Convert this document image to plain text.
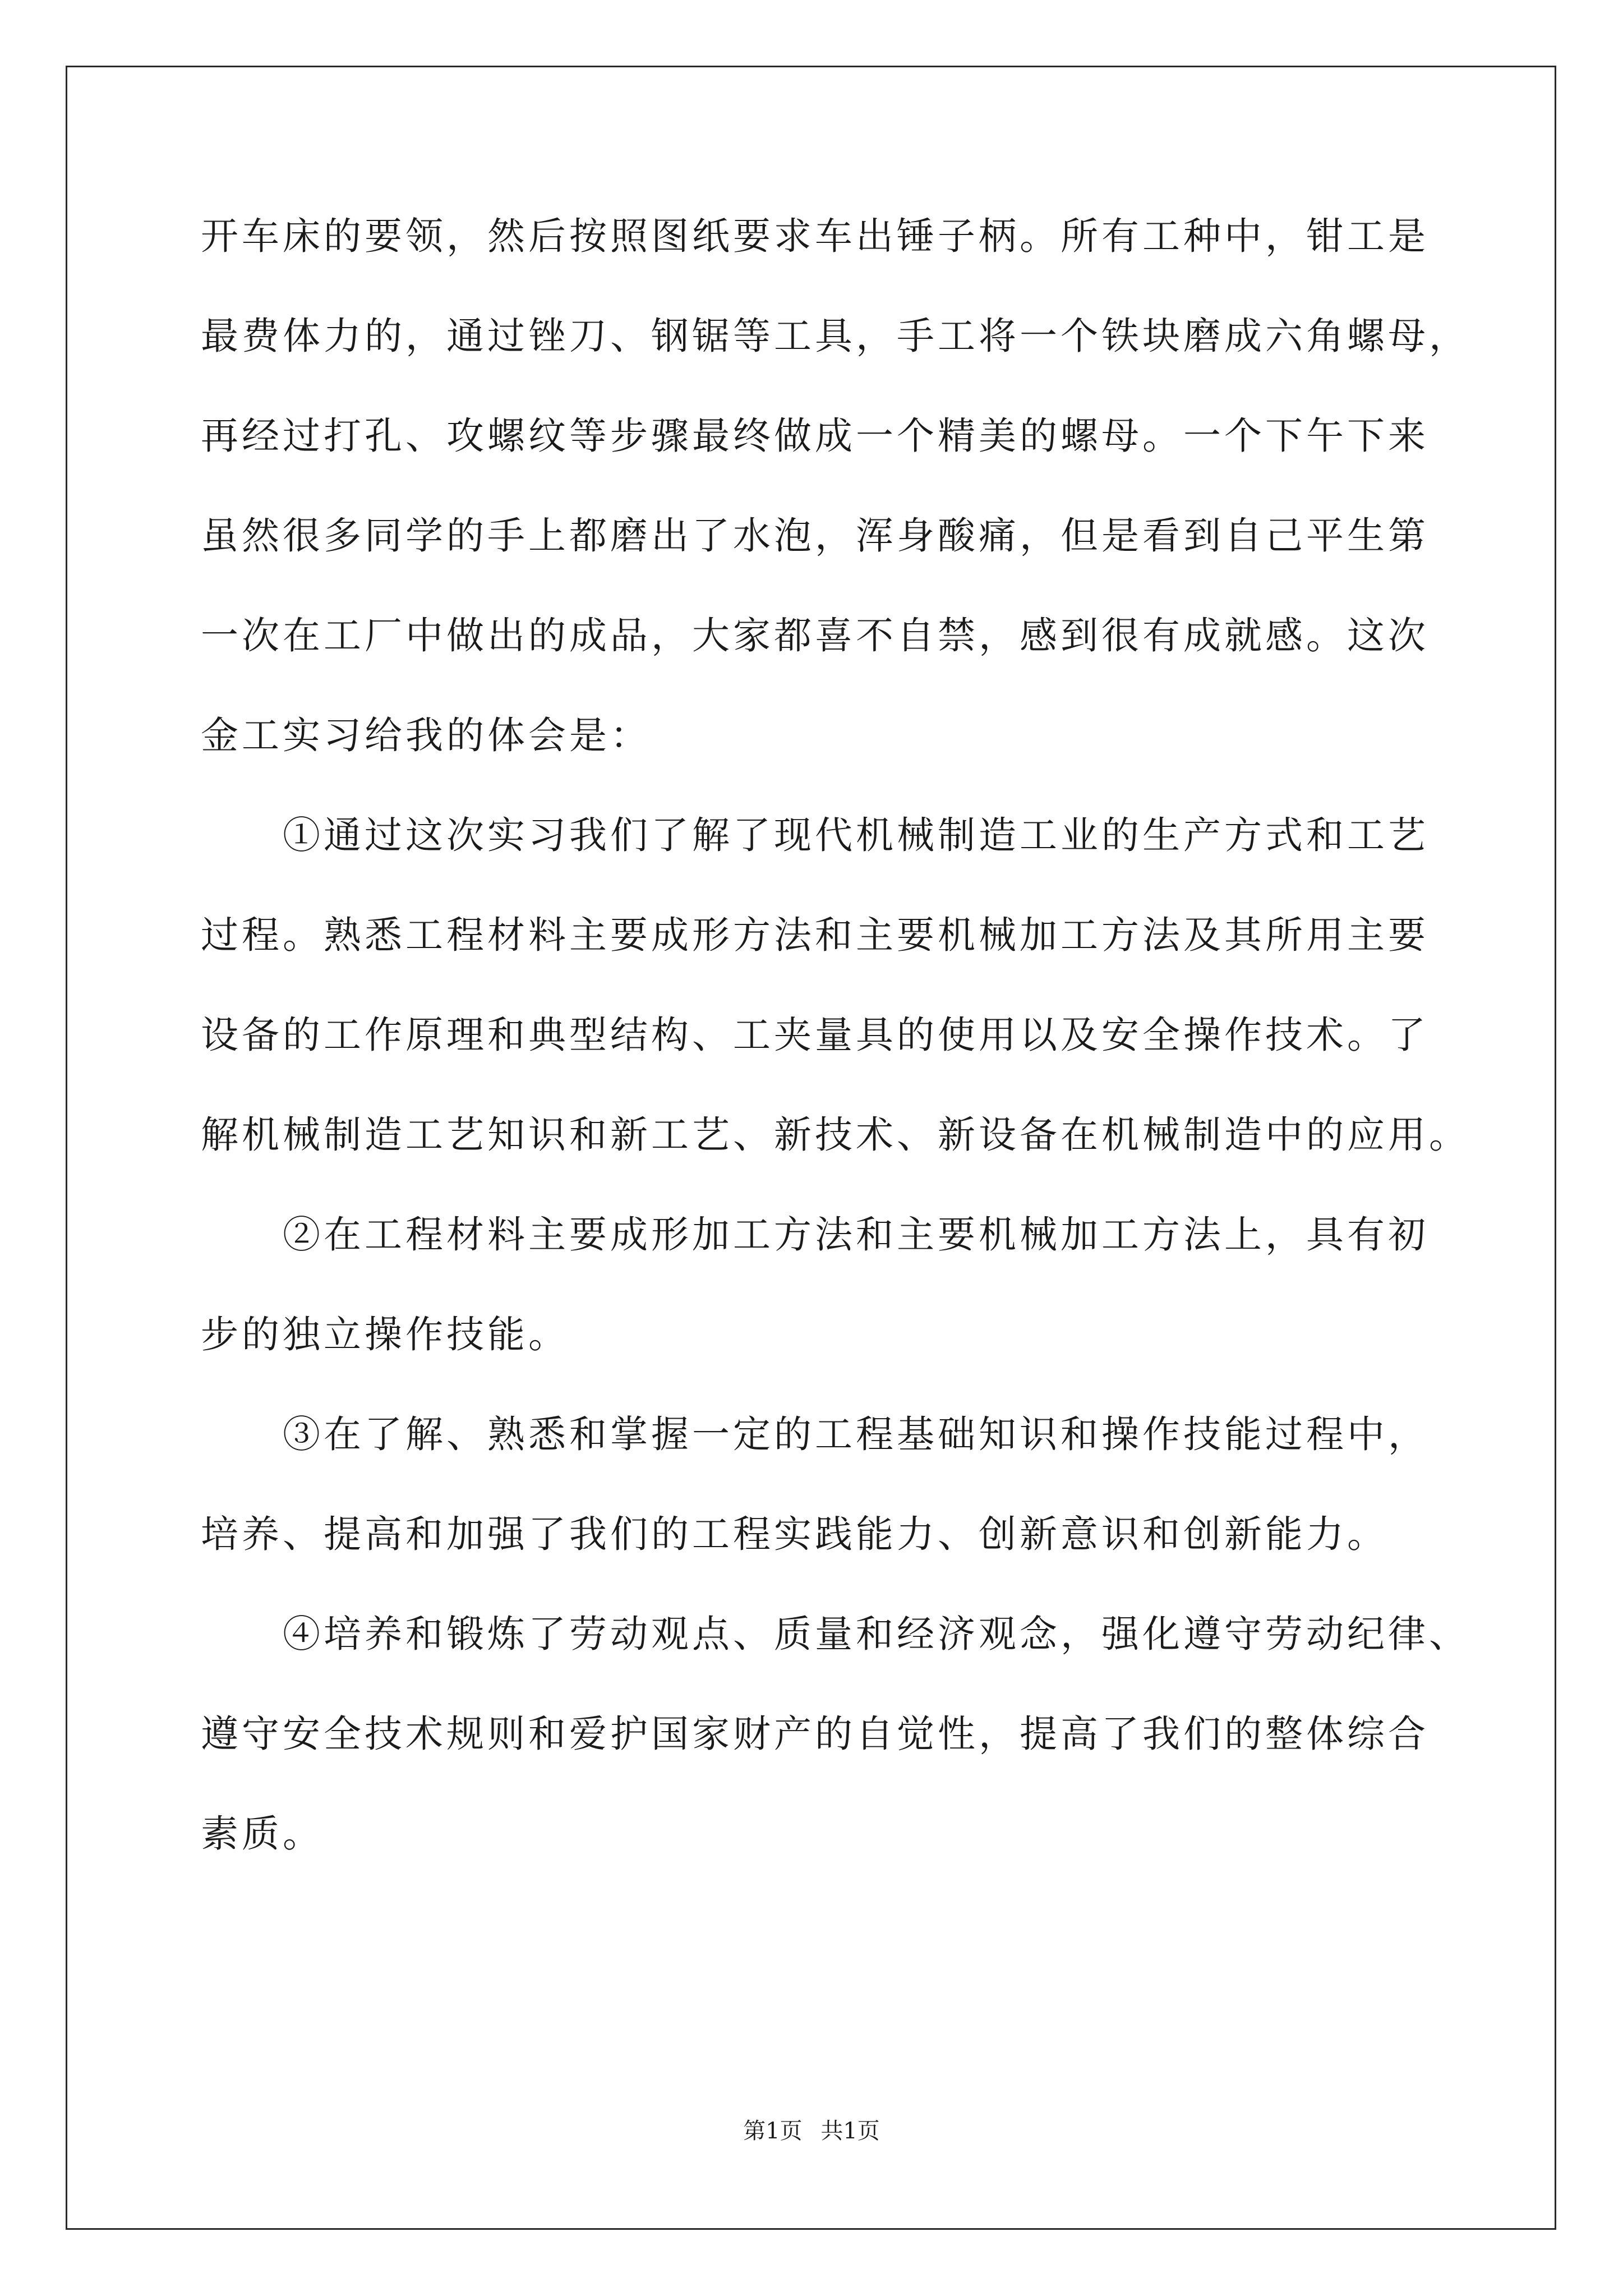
开车床的要领，然后按照图纸要求车出锤子柄。所有工种中，钳工是
最费体力的，通过锉刀、钢锯等工具，手工将一个铁块磨成六角螺母，
再经过打孔、攻螺纹等步骤最终做成一个精美的螺母。一个下午下来
虽然很多同学的手上都磨出了水泡，浑身酸痛，但是看到自己平生第
一次在工厂中做出的成品，大家都喜不自禁，感到很有成就感。这次
金工实习给我的体会是：
　　①通过这次实习我们了解了现代机械制造工业的生产方式和工艺
过程。熟悉工程材料主要成形方法和主要机械加工方法及其所用主要
设备的工作原理和典型结构、工夹量具的使用以及安全操作技术。了
解机械制造工艺知识和新工艺、新技术、新设备在机械制造中的应用。
　　②在工程材料主要成形加工方法和主要机械加工方法上，具有初
步的独立操作技能。
　　③在了解、熟悉和掌握一定的工程基础知识和操作技能过程中，
培养、提高和加强了我们的工程实践能力、创新意识和创新能力。
　　④培养和锻炼了劳动观点、质量和经济观念，强化遵守劳动纪律、
遵守安全技术规则和爱护国家财产的自觉性，提高了我们的整体综合
素质。
第1页 共1页
